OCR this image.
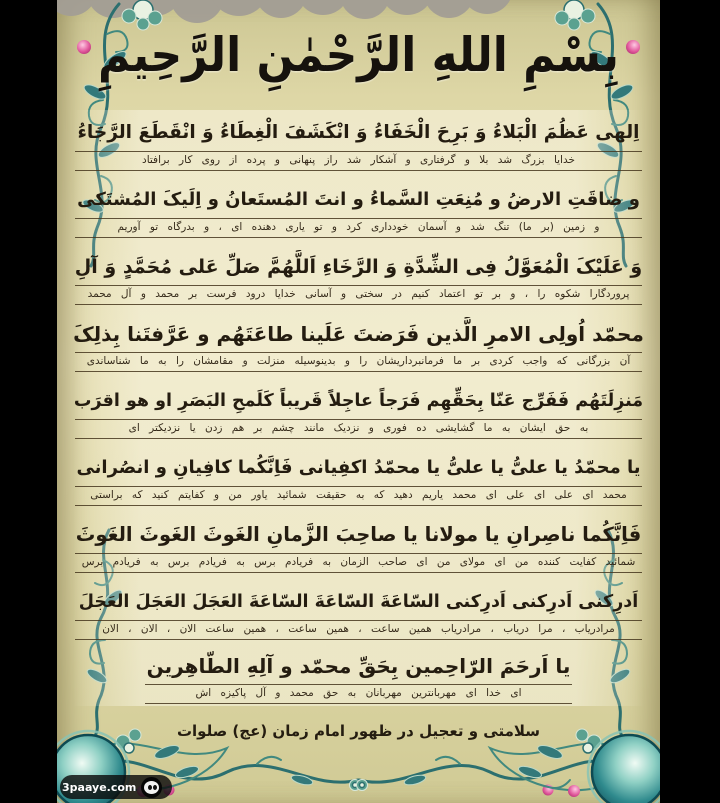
بِسْمِ اللهِ الرَّحْمٰنِ الرَّحِیمِ
اِلهی عَظُمَ الْبَلاءُ وَ بَرِحَ الْخَفَاءُ وَ انْکَشَفَ الْغِطَاءُ وَ انْقَطَعَ الرَّجَاءُ
خدایا بزرگ شد بلا و گرفتاری و آشکار شد راز پنهانی و پرده از روی کار برافتاد
و ضاقَتِ الارضُ و مُنِعَتِ السَّماءُ و انتَ المُستَعانُ و اِلَیکَ المُشتَکی
و زمین (بر ما) تنگ شد و آسمان خودداری کرد و تو یاری دهنده ای ، و بدرگاه تو آوریم
وَ عَلَیْکَ الْمُعَوَّلُ فِی الشِّدَّةِ وَ الرَّخَاءِ اَللَّهُمَّ صَلِّ عَلی مُحَمَّدٍ وَ آلِ
پروردگارا شکوه را ، و بر تو اعتماد کنیم در سختی و آسانی خدایا درود فرست بر محمد و آل محمد
محمّد اُولِی الامرِ الَّذین فَرَضتَ عَلَینا طاعَتَهُم و عَرَّفتَنا بِذلِکَ
آن بزرگانی که واجب کردی بر ما فرمانبرداریشان را و بدینوسیله منزلت و مقامشان را به ما شناساندی
مَنزِلَتَهُم فَفَرِّج عَنّا بِحَقِّهِم فَرَجاً عاجِلاً قَریباً کَلَمحِ البَصَرِ او هو اقرَب
به حق ایشان به ما گشایشی ده فوری و نزدیک مانند چشم بر هم زدن یا نزدیکتر ای
یا محمّدُ یا علیُّ یا علیُّ یا محمّدُ اکفِیانی فَاِنَّکُما کافِیانِ و انصُرانی
محمد ای علی ای علی ای محمد یاریم دهید که به حقیقت شمائید یاور من و کفایتم کنید که براستی
فَاِنَّکُما ناصِرانِ یا مولانا یا صاحِبَ الزَّمانِ الغَوثَ الغَوثَ الغَوثَ
شمائید کفایت کننده من ای مولای من ای صاحب الزمان به فریادم برس به فریادم برس به فریادم برس
اَدرِکنی اَدرِکنی اَدرِکنی السّاعَةَ السّاعَةَ السّاعَةَ العَجَلَ العَجَلَ العَجَلَ
مرادریاب ، مرا دریاب ، مرادریاب همین ساعت ، همین ساعت ، همین ساعت الان ، الان ، الان
یا اَرحَمَ الرّاحِمین بِحَقِّ محمّد و آلِهِ الطّاهِرین
ای خدا ای مهربانترین مهربانان به حق محمد و آل پاکیزه اش
سلامتی و تعجیل در ظهور امام زمان (عج) صلوات
3paaye.com
